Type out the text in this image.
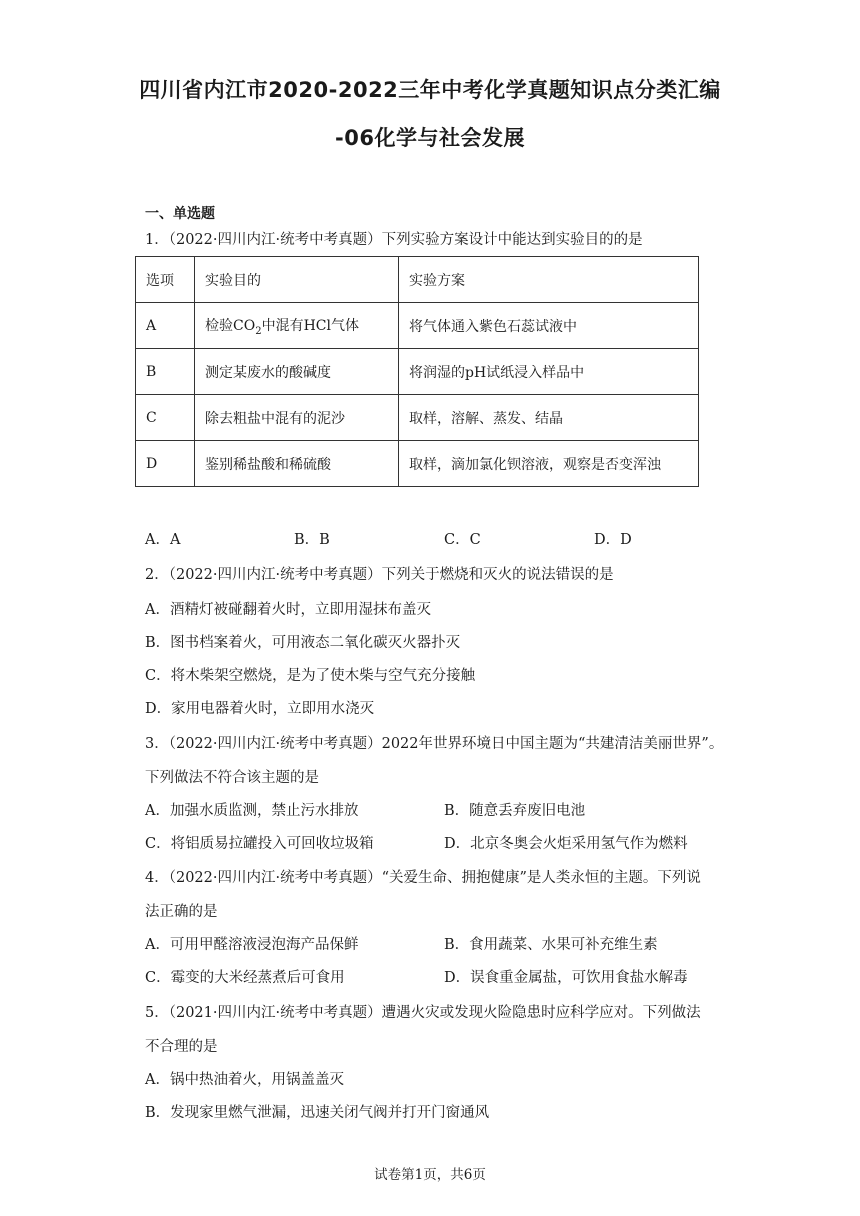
四川省内江市2020-2022三年中考化学真题知识点分类汇编
-06化学与社会发展
一、单选题
1．（2022·四川内江·统考中考真题）下列实验方案设计中能达到实验目的的是
选项	实验目的	实验方案
A	检验$CO_2$中混有HCl气体	将气体通入紫色石蕊试液中
B	测定某废水的酸碱度	将润湿的pH试纸浸入样品中
C	除去粗盐中混有的泥沙	取样，溶解、蒸发、结晶
D	鉴别稀盐酸和稀硫酸	取样，滴加氯化钡溶液，观察是否变浑浊
A．A	B．B	C．C	D．D
2．（2022·四川内江·统考中考真题）下列关于燃烧和灭火的说法错误的是
A．酒精灯被碰翻着火时，立即用湿抹布盖灭
B．图书档案着火，可用液态二氧化碳灭火器扑灭
C．将木柴架空燃烧，是为了使木柴与空气充分接触
D．家用电器着火时，立即用水浇灭
3．（2022·四川内江·统考中考真题）2022年世界环境日中国主题为“共建清洁美丽世界”。
下列做法不符合该主题的是
A．加强水质监测，禁止污水排放	B．随意丢弃废旧电池
C．将铝质易拉罐投入可回收垃圾箱	D．北京冬奥会火炬采用氢气作为燃料
4．（2022·四川内江·统考中考真题）“关爱生命、拥抱健康”是人类永恒的主题。下列说
法正确的是
A．可用甲醛溶液浸泡海产品保鲜	B．食用蔬菜、水果可补充维生素
C．霉变的大米经蒸煮后可食用	D．误食重金属盐，可饮用食盐水解毒
5．（2021·四川内江·统考中考真题）遭遇火灾或发现火险隐患时应科学应对。下列做法
不合理的是
A．锅中热油着火，用锅盖盖灭
B．发现家里燃气泄漏，迅速关闭气阀并打开门窗通风
试卷第1页，共6页
